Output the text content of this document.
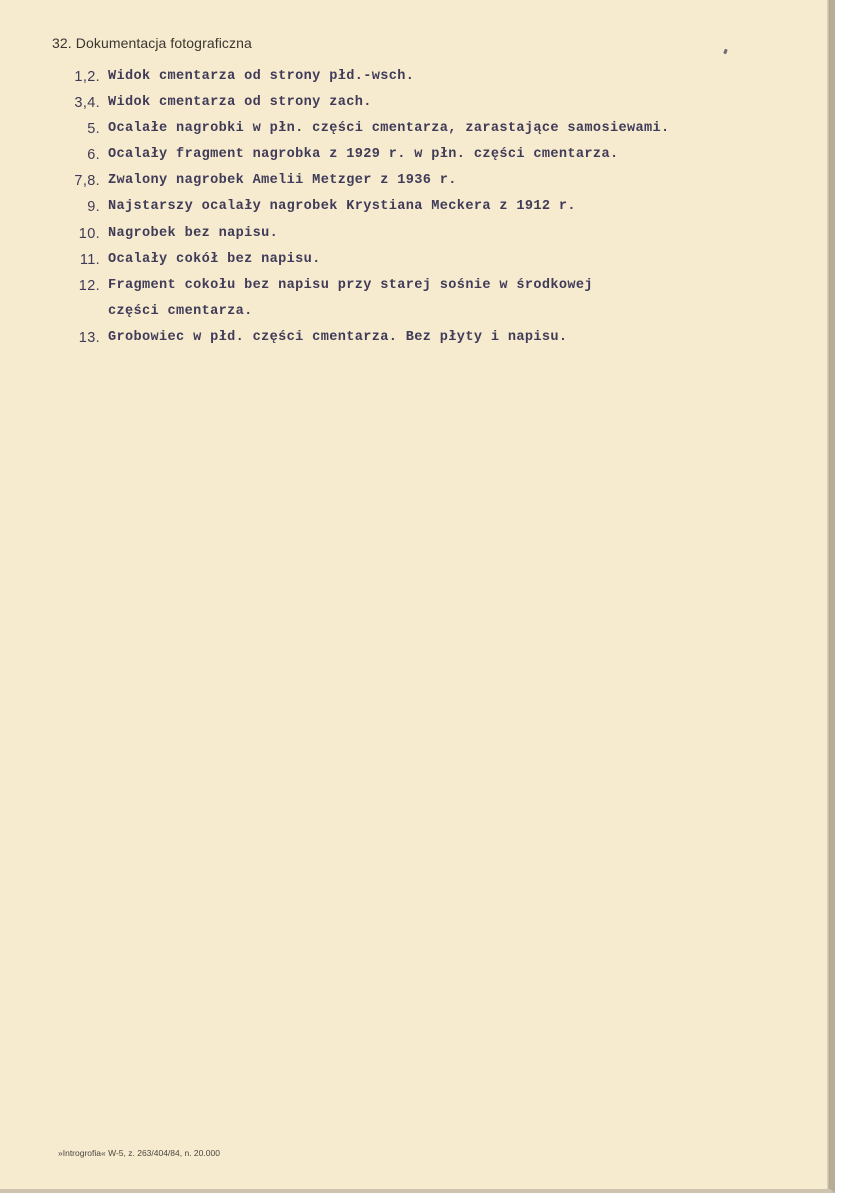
32. Dokumentacja fotograficzna
1,2. Widok cmentarza od strony płd.-wsch.
3,4. Widok cmentarza od strony zach.
5. Ocalałe nagrobki w płn. części cmentarza, zarastające samosiewami.
6. Ocalały fragment nagrobka z 1929 r. w płn. części cmentarza.
7,8. Zwalony nagrobek Amelii Metzger z 1936 r.
9. Najstarszy ocalały nagrobek Krystiana Meckera z 1912 r.
10. Nagrobek bez napisu.
11. Ocalały cokół bez napisu.
12. Fragment cokołu bez napisu przy starej sośnie w środkowej
części cmentarza.
13. Grobowiec w płd. części cmentarza. Bez płyty i napisu.
»Introgrofia« W-5, z. 263/404/84, n. 20.000
